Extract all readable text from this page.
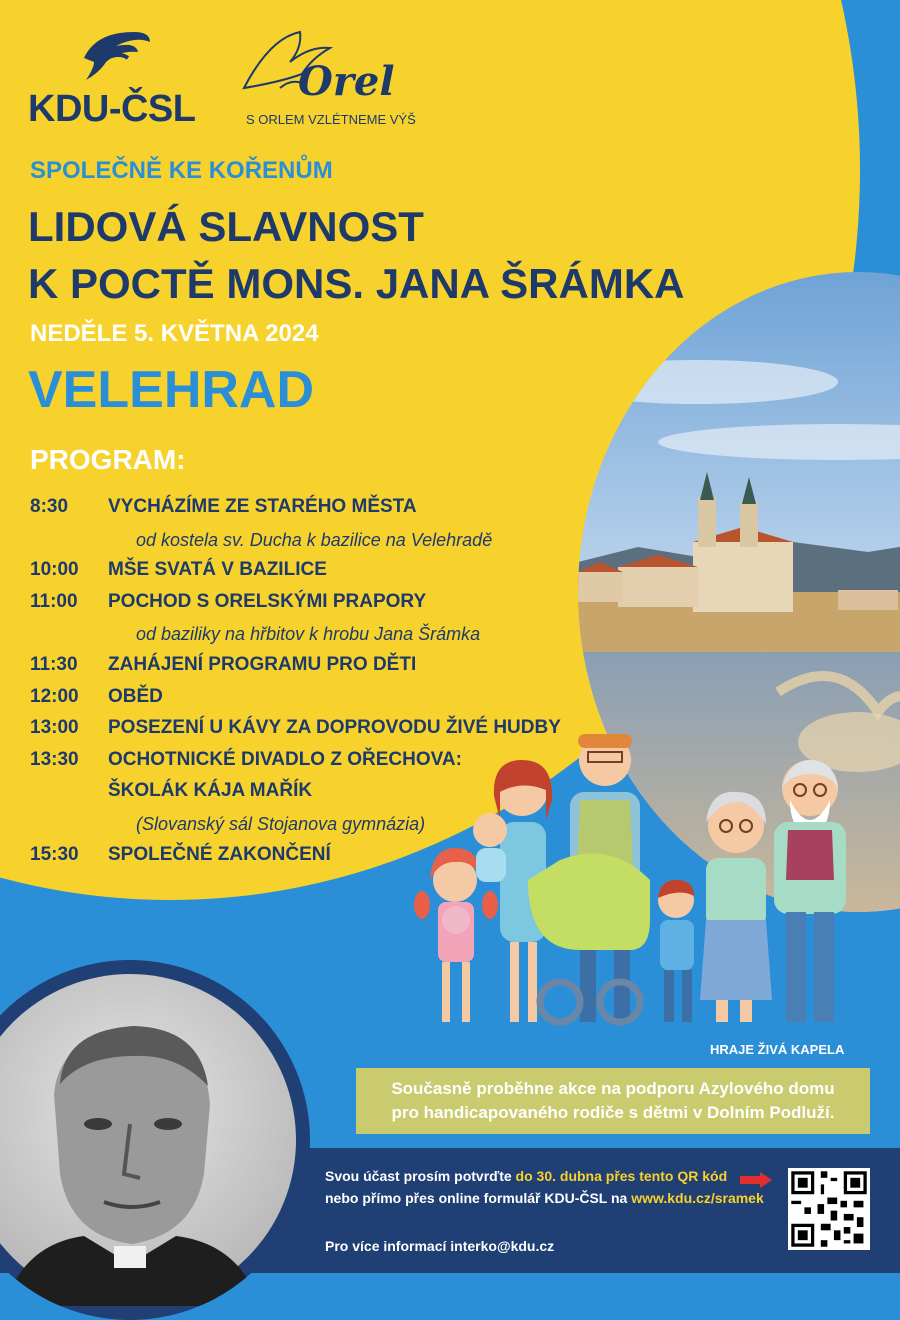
KDU-ČSL
Orel
S ORLEM VZLÉTNEME VÝŠ
SPOLEČNĚ KE KOŘENŮM
LIDOVÁ SLAVNOST
K POCTĚ MONS. JANA ŠRÁMKA
NEDĚLE 5. KVĚTNA 2024
VELEHRAD
PROGRAM:
8:30 VYCHÁZÍME ZE STARÉHO MĚSTA
od kostela sv. Ducha k bazilice na Velehradě
10:00 MŠE SVATÁ V BAZILICE
11:00 POCHOD S ORELSKÝMI PRAPORY
od baziliky na hřbitov k hrobu Jana Šrámka
11:30 ZAHÁJENÍ PROGRAMU PRO DĚTI
12:00 OBĚD
13:00 POSEZENÍ U KÁVY ZA DOPROVODU ŽIVÉ HUDBY
13:30 OCHOTNICKÉ DIVADLO Z OŘECHOVA:
ŠKOLÁK KÁJA MAŘÍK
(Slovanský sál Stojanova gymnázia)
15:30 SPOLEČNÉ ZAKONČENÍ
HRAJE ŽIVÁ KAPELA
Současně proběhne akce na podporu Azylového domu
pro handicapovaného rodiče s dětmi v Dolním Podluží.
Svou účast prosím potvrďte do 30. dubna přes tento QR kód
nebo přímo přes online formulář KDU-ČSL na www.kdu.cz/sramek
Pro více informací interko@kdu.cz
